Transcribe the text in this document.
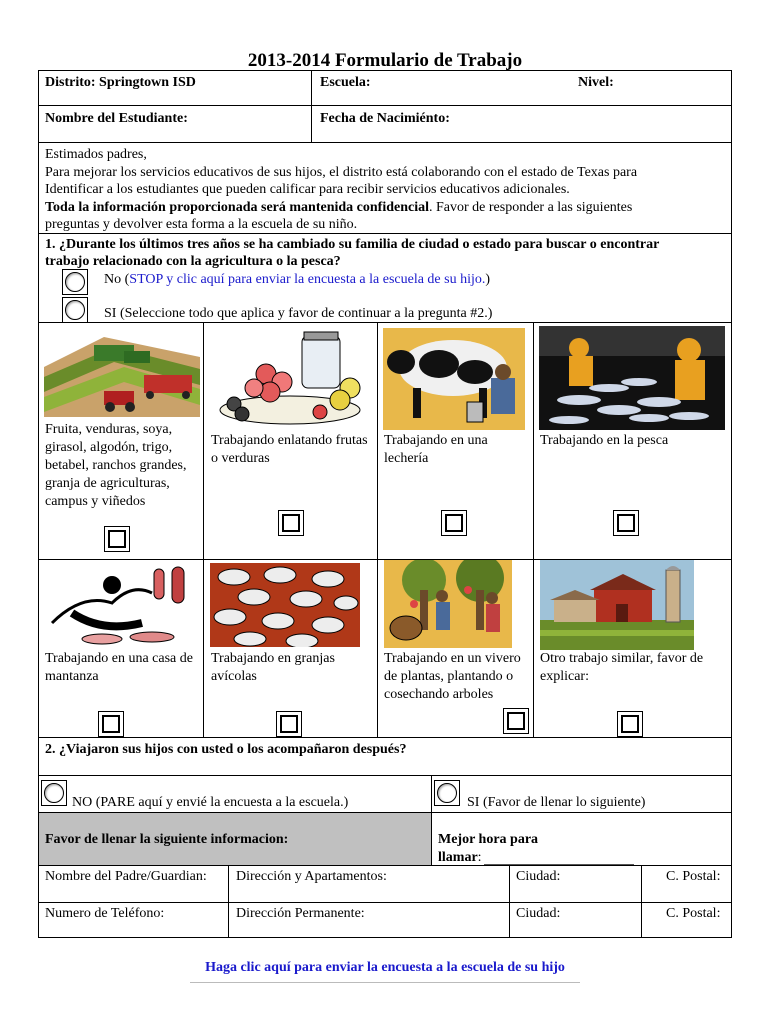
2013-2014 Formulario de Trabajo
Distrito: Springtown ISD	Escuela:	Nivel:
Nombre del Estudiante:	Fecha de Nacimiénto:
Estimados padres,
Para mejorar los servicios educativos de sus hijos, el distrito está colaborando con el estado de Texas para
Identificar a los estudiantes que pueden calificar para recibir servicios educativos adicionales.
Toda la información proporcionada será mantenida confidencial. Favor de responder a las siguientes
preguntas y devolver esta forma a la escuela de su niño.
1. ¿Durante los últimos tres años se ha cambiado su familia de ciudad o estado para buscar o encontrar
trabajo relacionado con la agricultura o la pesca?
No (STOP y clic aquí para enviar la encuesta a la escuela de su hijo.)
SI (Seleccione todo que aplica y favor de continuar a la pregunta #2.)
Fruita, venduras, soya, girasol, algodón, trigo, betabel, ranchos grandes, granja de agriculturas, campus y viñedos
Trabajando enlatando frutas o verduras
Trabajando en una lechería
Trabajando en la pesca
Trabajando en una casa de mantanza
Trabajando en granjas avícolas
Trabajando en un vivero de plantas, plantando o cosechando arboles
Otro trabajo similar, favor de explicar:
2. ¿Viajaron sus hijos con usted o los acompañaron después?
NO (PARE aquí y envié la encuesta a la escuela.)	SI (Favor de llenar lo siguiente)
Favor de llenar la siguiente informacion:	Mejor hora para
llamar:
Nombre del Padre/Guardian: Dirección y Apartamentos:	Ciudad:	C. Postal:
Numero de Teléfono:	Dirección Permanente:	Ciudad:	C. Postal:
Haga clic aquí para enviar la encuesta a la escuela de su hijo
